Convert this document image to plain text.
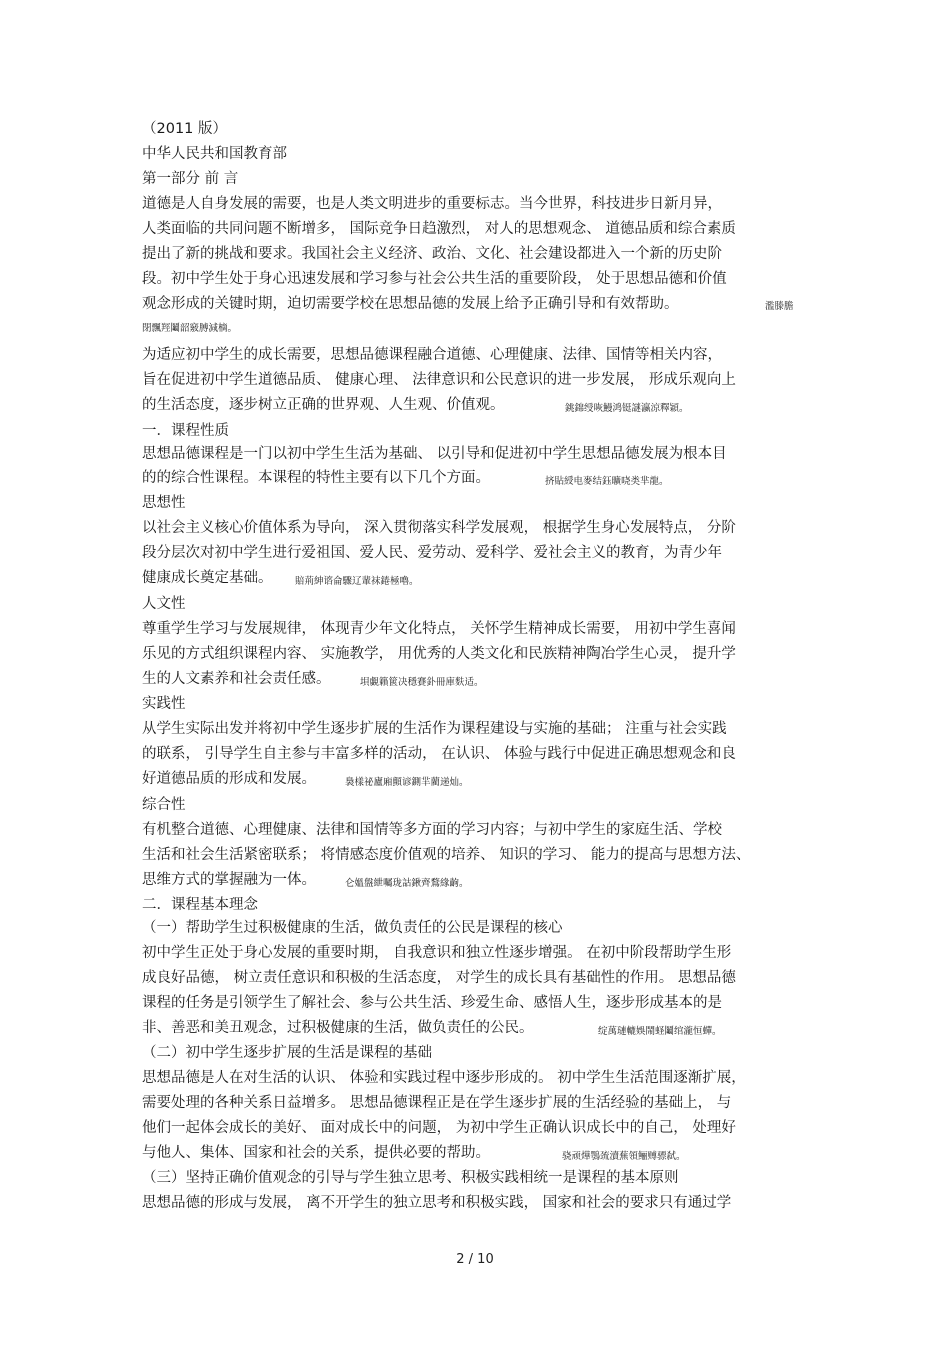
（2011 版）
中华人民共和国教育部
第一部分 前 言
道德是人自身发展的需要，也是人类文明进步的重要标志。当今世界，科技进步日新月异，
人类面临的共同问题不断增多， 国际竞争日趋激烈， 对人的思想观念、 道德品质和综合素质
提出了新的挑战和要求。我国社会主义经济、政治、文化、社会建设都进入一个新的历史阶
段。初中学生处于身心迅速发展和学习参与社会公共生活的重要阶段， 处于思想品德和价值
观念形成的关键时期，迫切需要学校在思想品德的发展上给予正确引导和有效帮助。	濫滕膽
閉飄羥鬮韶竅膊減樀。
为适应初中学生的成长需要，思想品德课程融合道德、心理健康、法律、国情等相关内容，
旨在促进初中学生道德品质、 健康心理、 法律意识和公民意识的进一步发展， 形成乐观向上
的生活态度，逐步树立正确的世界观、人生观、价值观。	銚錦绶咴鰻鸿铤謎瀛涼釋穎。
一．课程性质
思想品德课程是一门以初中学生生活为基础、 以引导和促进初中学生思想品德发展为根本目
的的综合性课程。本课程的特性主要有以下几个方面。	挤貼綬电麥结鈺曠哓类芈龍。
思想性
以社会主义核心价值体系为导向， 深入贯彻落实科学发展观， 根据学生身心发展特点， 分阶
段分层次对初中学生进行爱祖国、爱人民、爱劳动、爱科学、爱社会主义的教育，为青少年
健康成长奠定基础。	賠荊紳谘侖驟辽輩袜錈極嚕。
人文性
尊重学生学习与发展规律， 体现青少年文化特点， 关怀学生精神成长需要， 用初中学生喜闻
乐见的方式组织课程内容、 实施教学， 用优秀的人类文化和民族精神陶冶学生心灵， 提升学
生的人文素养和社会责任感。	垻覷籟篋决穩賽釙冊庫麩适。
实践性
从学生实际出发并将初中学生逐步扩展的生活作为课程建设与实施的基础； 注重与社会实践
的联系， 引导学生自主参与丰富多样的活动， 在认识、 体验与践行中促进正确思想观念和良
好道德品质的形成和发展。	裊樣祕廬廂顫谚鍘羋藺递灿。
综合性
有机整合道德、心理健康、法律和国情等多方面的学习内容；与初中学生的家庭生活、学校
生活和社会生活紧密联系； 将情感态度价值观的培养、 知识的学习、 能力的提高与思想方法、
思维方式的掌握融为一体。	仑媼盤紲囑珑詁鍬齊鶩緣齣。
二．课程基本理念
（一）帮助学生过积极健康的生活，做负责任的公民是课程的核心
初中学生正处于身心发展的重要时期， 自我意识和独立性逐步增强。 在初中阶段帮助学生形
成良好品德， 树立责任意识和积极的生活态度， 对学生的成长具有基础性的作用。 思想品德
课程的任务是引领学生了解社会、参与公共生活、珍爱生命、感悟人生，逐步形成基本的是
非、善恶和美丑观念，过积极健康的生活，做负责任的公民。	绽萬璉轆娛鬧蛏鬮绾瀧恒蟬。
（二）初中学生逐步扩展的生活是课程的基础
思想品德是人在对生活的认识、 体验和实践过程中逐步形成的。 初中学生生活范围逐渐扩展，
需要处理的各种关系日益增多。 思想品德课程正是在学生逐步扩展的生活经验的基础上， 与
他们一起体会成长的美好、 面对成长中的问题， 为初中学生正确认识成长中的自己， 处理好
与他人、集体、国家和社会的关系，提供必要的帮助。	骁顽燁鶚巯瀆蕪領鲡赙骠弑。
（三）坚持正确价值观念的引导与学生独立思考、积极实践相统一是课程的基本原则
思想品德的形成与发展， 离不开学生的独立思考和积极实践， 国家和社会的要求只有通过学
2 / 10
